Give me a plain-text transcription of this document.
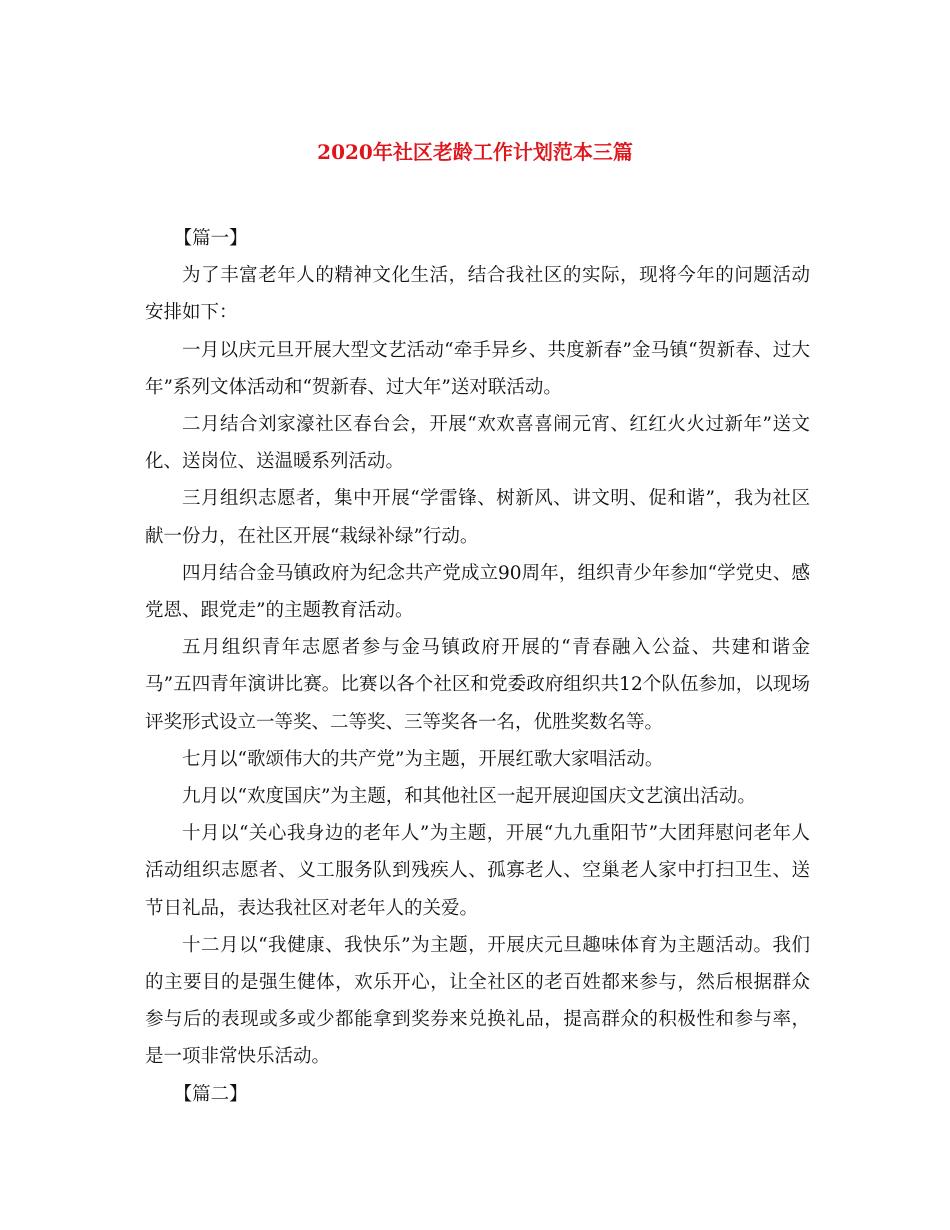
2020年社区老龄工作计划范本三篇

【篇一】

为了丰富老年人的精神文化生活，结合我社区的实际，现将今年的问题活动安排如下：

一月以庆元旦开展大型文艺活动“牵手异乡、共度新春”金马镇“贺新春、过大年”系列文体活动和“贺新春、过大年”送对联活动。

二月结合刘家濠社区春台会，开展“欢欢喜喜闹元宵、红红火火过新年”送文化、送岗位、送温暖系列活动。

三月组织志愿者，集中开展“学雷锋、树新风、讲文明、促和谐”，我为社区献一份力，在社区开展“栽绿补绿”行动。

四月结合金马镇政府为纪念共产党成立90周年，组织青少年参加“学党史、感党恩、跟党走”的主题教育活动。

五月组织青年志愿者参与金马镇政府开展的“青春融入公益、共建和谐金马”五四青年演讲比赛。比赛以各个社区和党委政府组织共12个队伍参加，以现场评奖形式设立一等奖、二等奖、三等奖各一名，优胜奖数名等。

七月以“歌颂伟大的共产党”为主题，开展红歌大家唱活动。

九月以“欢度国庆”为主题，和其他社区一起开展迎国庆文艺演出活动。

十月以“关心我身边的老年人”为主题，开展“九九重阳节”大团拜慰问老年人活动组织志愿者、义工服务队到残疾人、孤寡老人、空巢老人家中打扫卫生、送节日礼品，表达我社区对老年人的关爱。

十二月以“我健康、我快乐”为主题，开展庆元旦趣味体育为主题活动。我们的主要目的是强生健体，欢乐开心，让全社区的老百姓都来参与，然后根据群众参与后的表现或多或少都能拿到奖券来兑换礼品，提高群众的积极性和参与率，是一项非常快乐活动。

【篇二】
